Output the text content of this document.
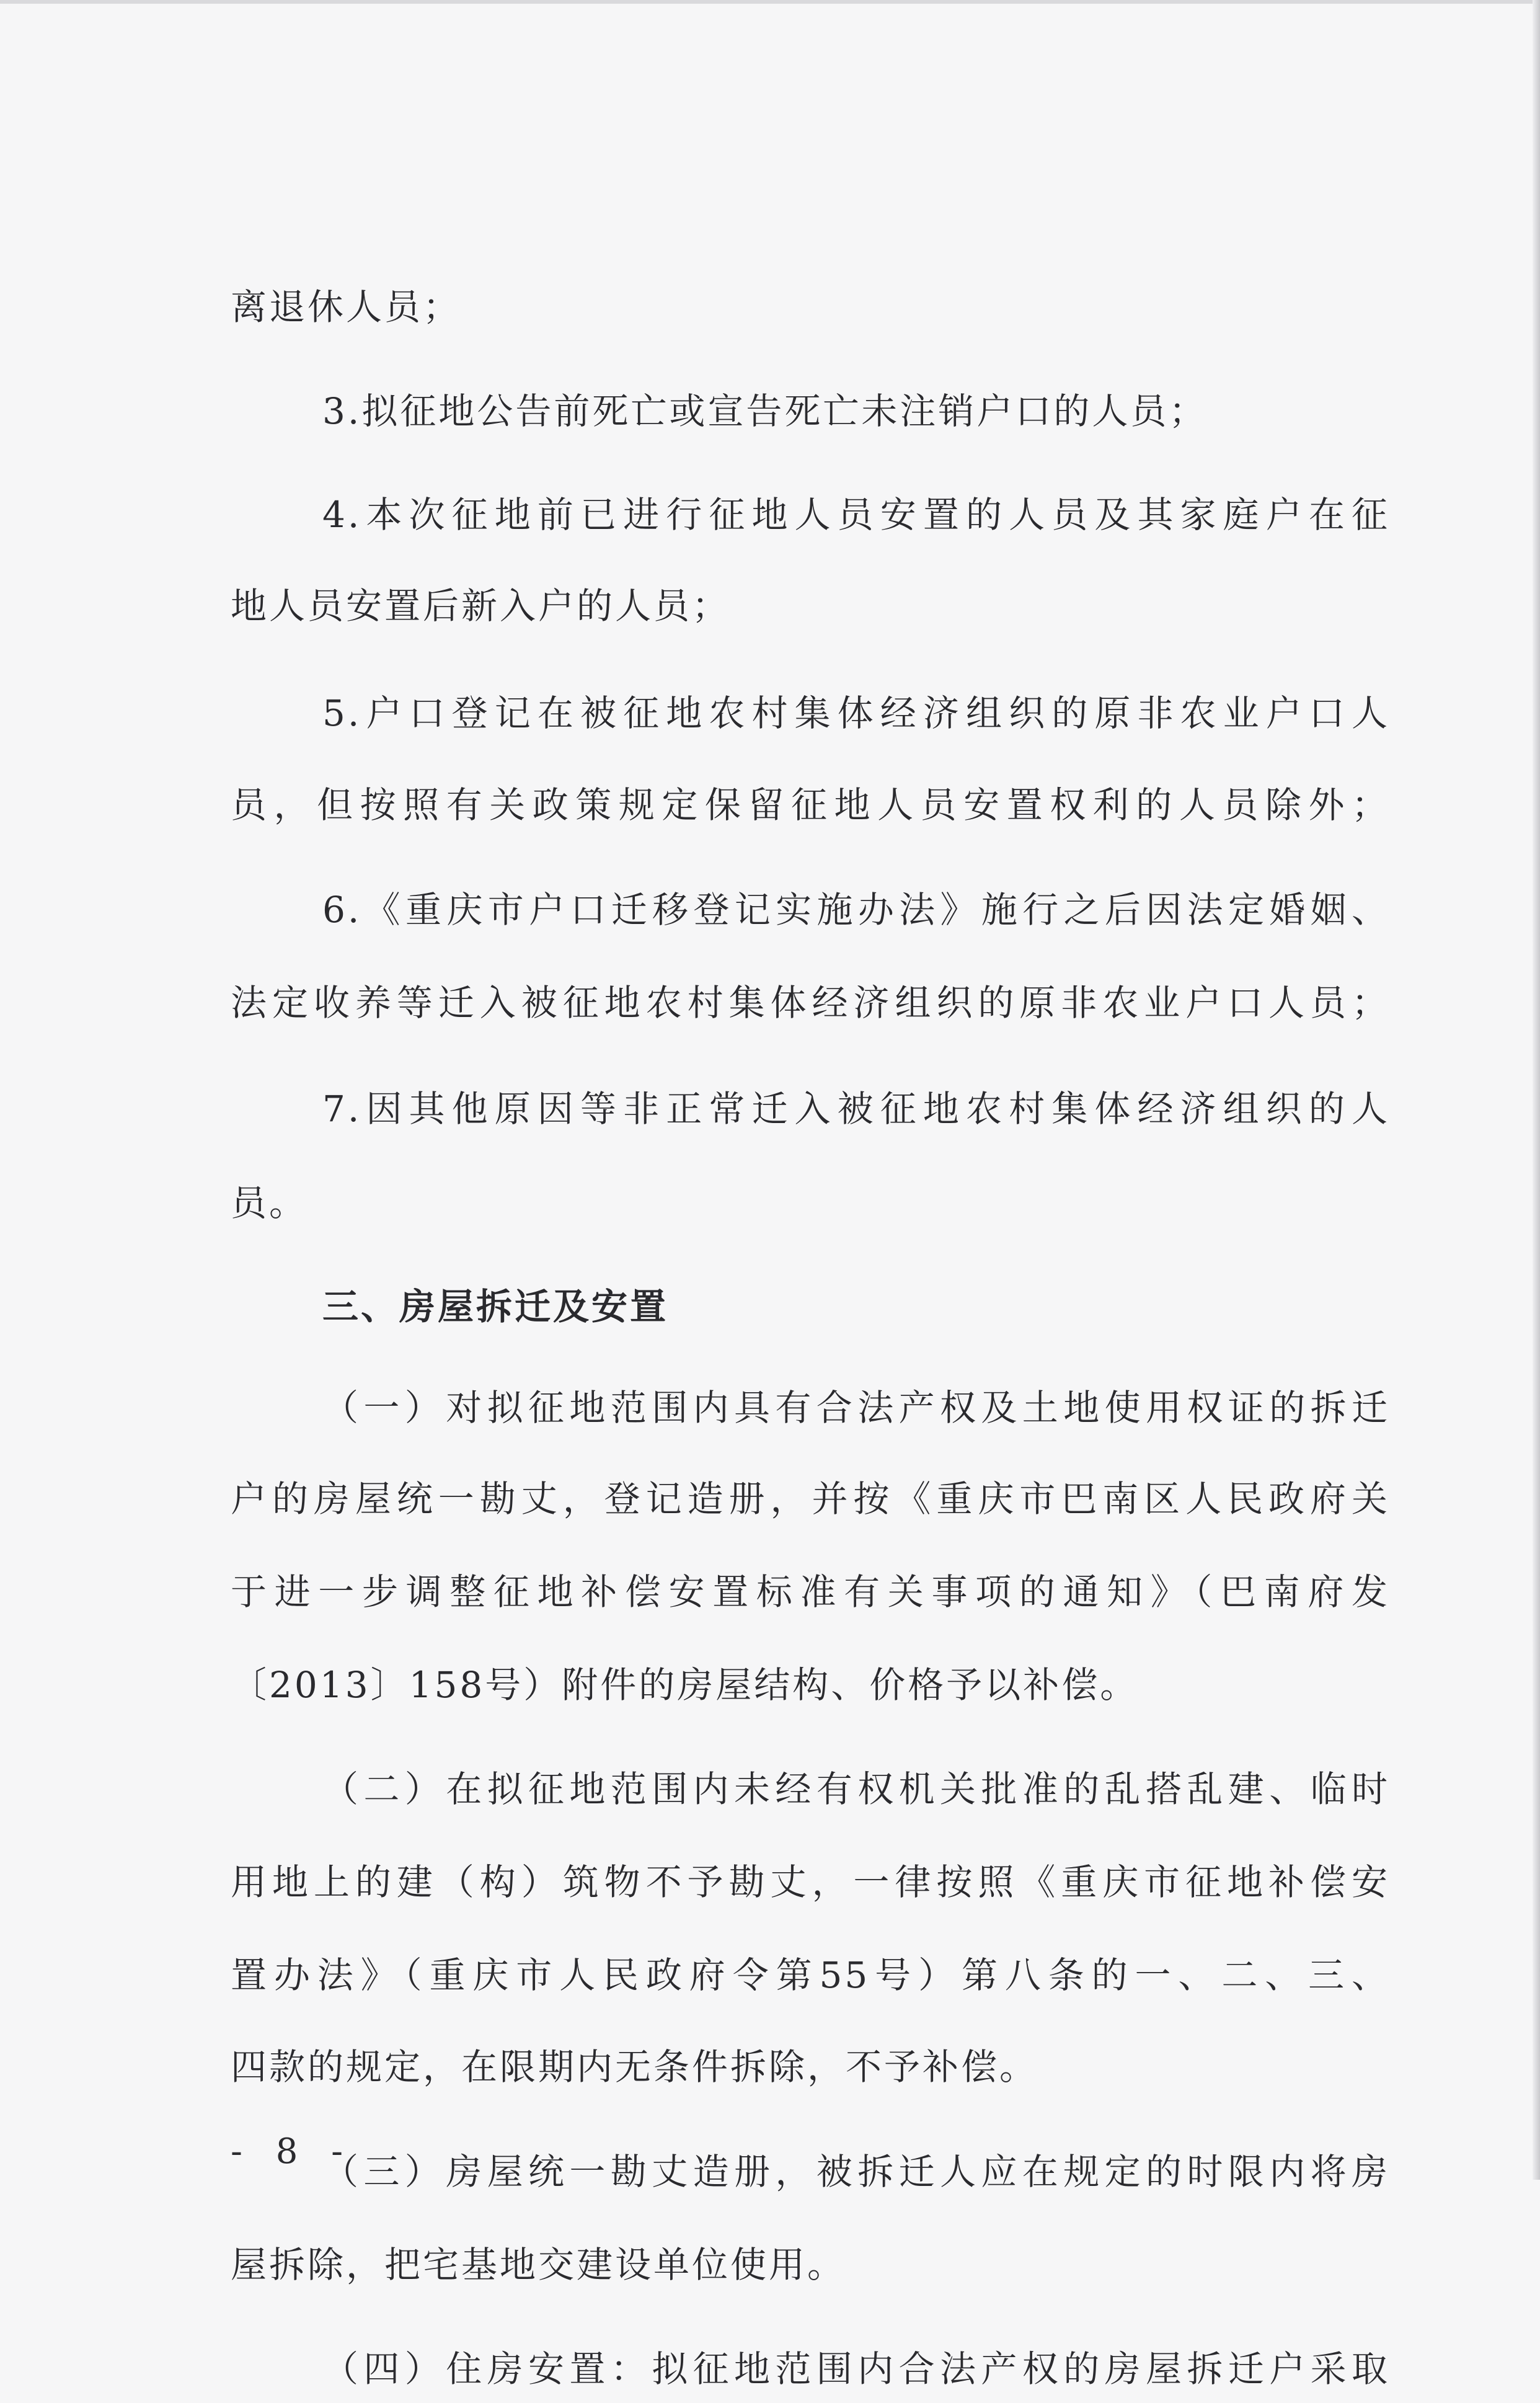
离退休人员；
3.拟征地公告前死亡或宣告死亡未注销户口的人员；
4.本次征地前已进行征地人员安置的人员及其家庭户在征
地人员安置后新入户的人员；
5.户口登记在被征地农村集体经济组织的原非农业户口人
员，但按照有关政策规定保留征地人员安置权利的人员除外；
6.《重庆市户口迁移登记实施办法》施行之后因法定婚姻、
法定收养等迁入被征地农村集体经济组织的原非农业户口人员；
7.因其他原因等非正常迁入被征地农村集体经济组织的人
员。
三、房屋拆迁及安置
（一）对拟征地范围内具有合法产权及土地使用权证的拆迁
户的房屋统一勘丈，登记造册，并按《重庆市巴南区人民政府关
于进一步调整征地补偿安置标准有关事项的通知》（巴南府发
〔2013〕158号）附件的房屋结构、价格予以补偿。
（二）在拟征地范围内未经有权机关批准的乱搭乱建、临时
用地上的建（构）筑物不予勘丈，一律按照《重庆市征地补偿安
置办法》（重庆市人民政府令第55号）第八条的一、二、三、
四款的规定，在限期内无条件拆除，不予补偿。
（三）房屋统一勘丈造册，被拆迁人应在规定的时限内将房
屋拆除，把宅基地交建设单位使用。
（四）住房安置：拟征地范围内合法产权的房屋拆迁户采取
- 8 -
